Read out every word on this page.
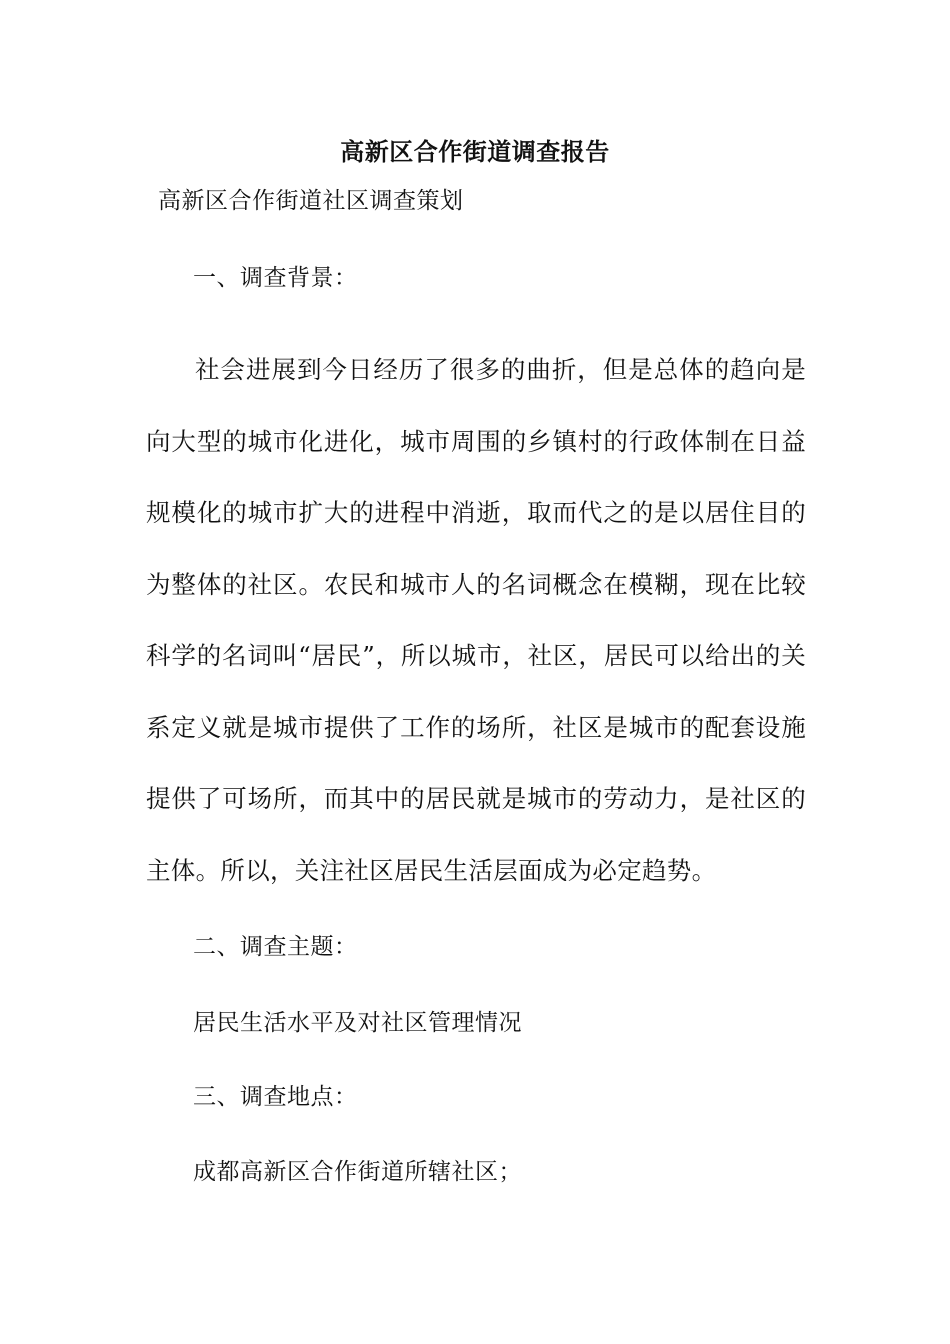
高新区合作街道调查报告
高新区合作街道社区调查策划
一、调查背景：

社会进展到今日经历了很多的曲折，但是总体的趋向是向大型的城市化进化，城市周围的乡镇村的行政体制在日益规模化的城市扩大的进程中消逝，取而代之的是以居住目的为整体的社区。农民和城市人的名词概念在模糊，现在比较科学的名词叫“居民”，所以城市，社区，居民可以给出的关系定义就是城市提供了工作的场所，社区是城市的配套设施提供了可场所，而其中的居民就是城市的劳动力，是社区的主体。所以，关注社区居民生活层面成为必定趋势。

二、调查主题：
居民生活水平及对社区管理情况
三、调查地点：
成都高新区合作街道所辖社区；
